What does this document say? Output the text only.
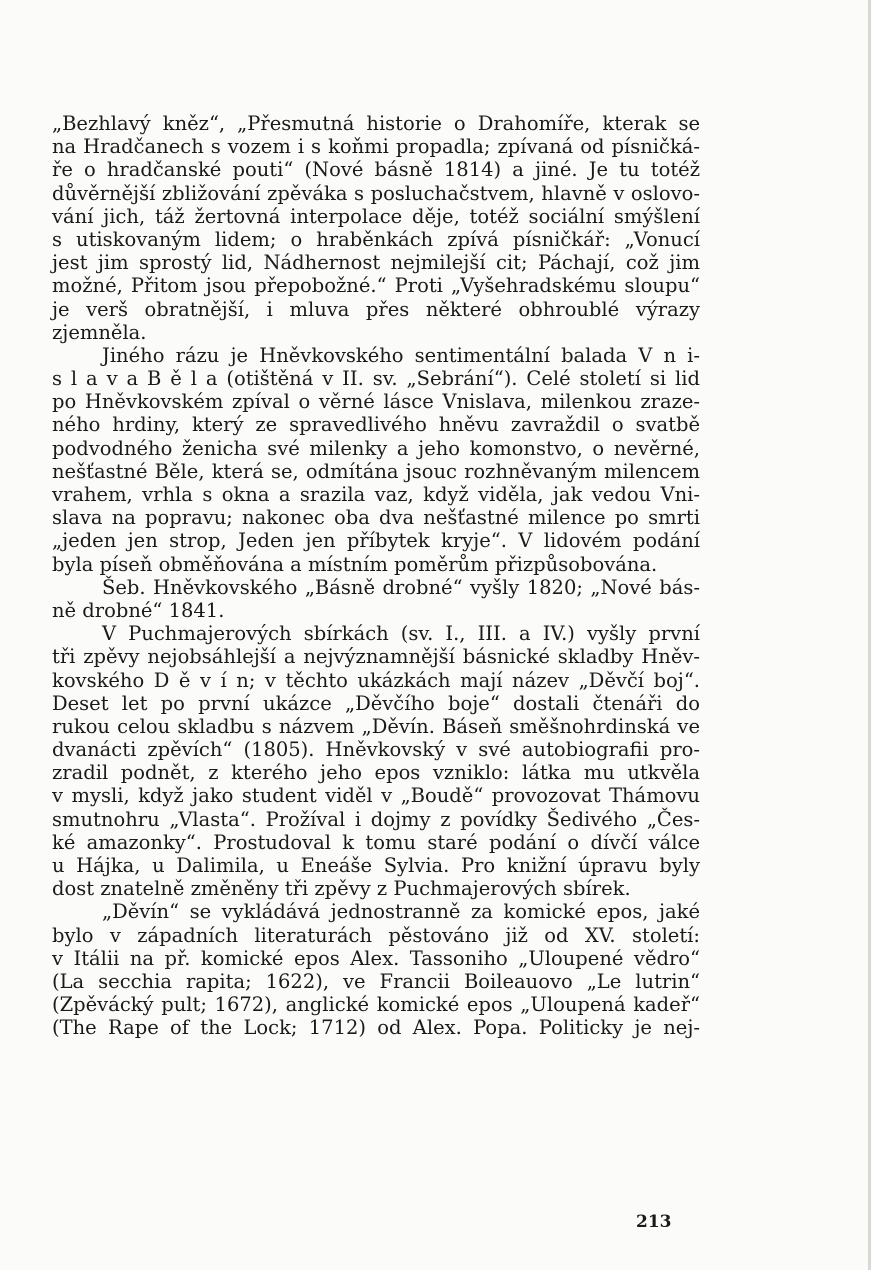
„Bezhlavý kněz“, „Přesmutná historie o Drahomíře, kterak se
na Hradčanech s vozem i s koňmi propadla; zpívaná od písničká-
ře o hradčanské pouti“ (Nové básně 1814) a jiné. Je tu totéž
důvěrnější zbližování zpěváka s posluchačstvem, hlavně v oslovo-
vání jich, táž žertovná interpolace děje, totéž sociální smýšlení
s utiskovaným lidem; o hraběnkách zpívá písničkář: „Vonucí
jest jim sprostý lid, Nádhernost nejmilejší cit; Páchají, což jim
možné, Přitom jsou přepobožné.“ Proti „Vyšehradskému sloupu“
je verš obratnější, i mluva přes některé obhroublé výrazy
zjemněla.
Jiného rázu je Hněvkovského sentimentální balada V n i-
s l a v a B ě l a (otištěná v II. sv. „Sebrání“). Celé století si lid
po Hněvkovském zpíval o věrné lásce Vnislava, milenkou zraze-
ného hrdiny, který ze spravedlivého hněvu zavraždil o svatbě
podvodného ženicha své milenky a jeho komonstvo, o nevěrné,
nešťastné Běle, která se, odmítána jsouc rozhněvaným milencem
vrahem, vrhla s okna a srazila vaz, když viděla, jak vedou Vni-
slava na popravu; nakonec oba dva nešťastné milence po smrti
„jeden jen strop, Jeden jen příbytek kryje“. V lidovém podání
byla píseň obměňována a místním poměrům přizpůsobována.
Šeb. Hněvkovského „Básně drobné“ vyšly 1820; „Nové bás-
ně drobné“ 1841.
V Puchmajerových sbírkách (sv. I., III. a IV.) vyšly první
tři zpěvy nejobsáhlejší a nejvýznamnější básnické skladby Hněv-
kovského D ě v í n; v těchto ukázkách mají název „Děvčí boj“.
Deset let po první ukázce „Děvčího boje“ dostali čtenáři do
rukou celou skladbu s názvem „Děvín. Báseň směšnohrdinská ve
dvanácti zpěvích“ (1805). Hněvkovský v své autobiografii pro-
zradil podnět, z kterého jeho epos vzniklo: látka mu utkvěla
v mysli, když jako student viděl v „Boudě“ provozovat Thámovu
smutnohru „Vlasta“. Prožíval i dojmy z povídky Šedivého „Čes-
ké amazonky“. Prostudoval k tomu staré podání o dívčí válce
u Hájka, u Dalimila, u Eneáše Sylvia. Pro knižní úpravu byly
dost znatelně změněny tři zpěvy z Puchmajerových sbírek.
„Děvín“ se vykládává jednostranně za komické epos, jaké
bylo v západních literaturách pěstováno již od XV. století:
v Itálii na př. komické epos Alex. Tassoniho „Uloupené vědro“
(La secchia rapita; 1622), ve Francii Boileauovo „Le lutrin“
(Zpěvácký pult; 1672), anglické komické epos „Uloupená kadeř“
(The Rape of the Lock; 1712) od Alex. Popa. Politicky je nej-
213
